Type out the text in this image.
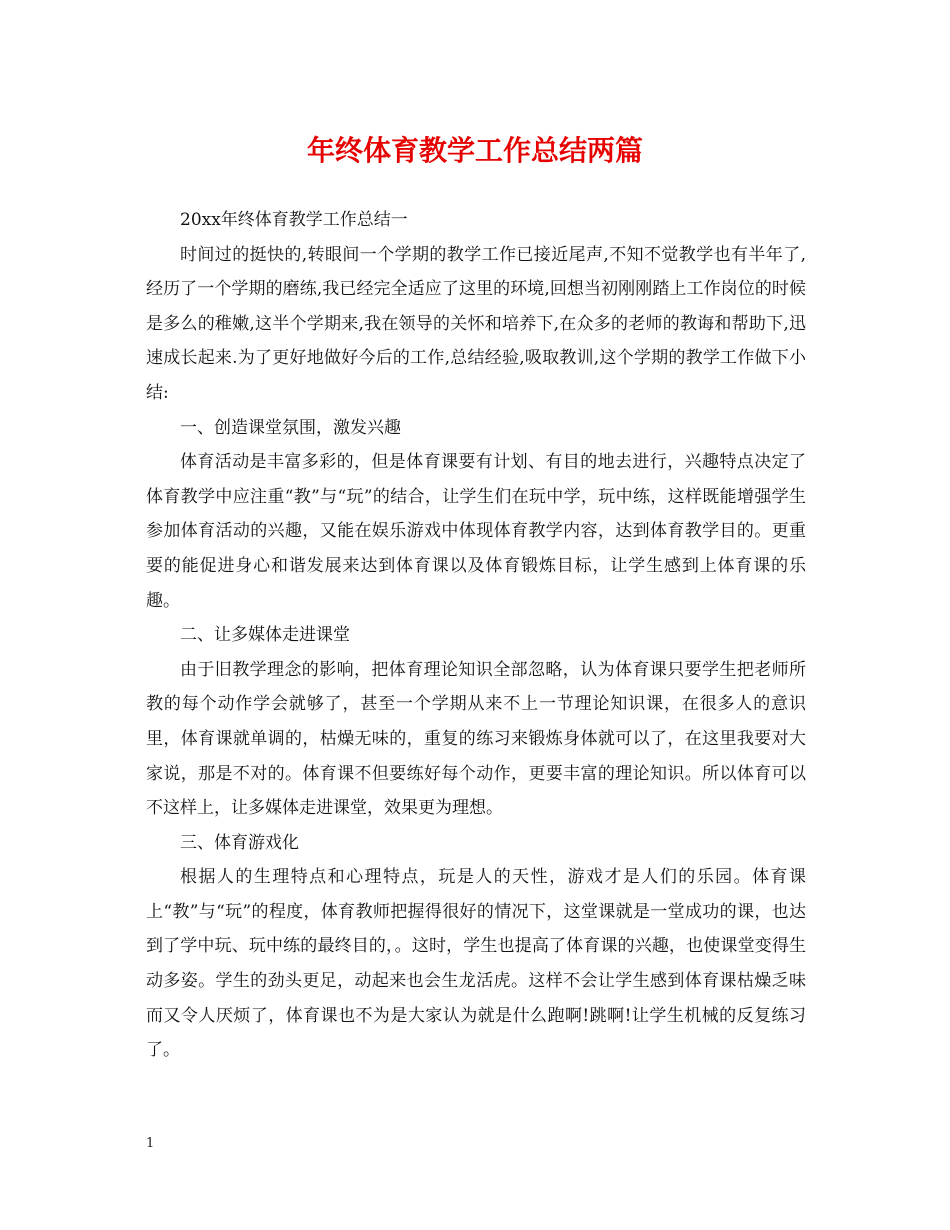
年终体育教学工作总结两篇

20xx年终体育教学工作总结一

时间过的挺快的,转眼间一个学期的教学工作已接近尾声,不知不觉教学也有半年了,经历了一个学期的磨练,我已经完全适应了这里的环境,回想当初刚刚踏上工作岗位的时候是多么的稚嫩,这半个学期来,我在领导的关怀和培养下,在众多的老师的教诲和帮助下,迅速成长起来.为了更好地做好今后的工作,总结经验,吸取教训,这个学期的教学工作做下小结:

一、创造课堂氛围，激发兴趣

体育活动是丰富多彩的，但是体育课要有计划、有目的地去进行，兴趣特点决定了体育教学中应注重“教”与“玩”的结合，让学生们在玩中学，玩中练，这样既能增强学生参加体育活动的兴趣，又能在娱乐游戏中体现体育教学内容，达到体育教学目的。更重要的能促进身心和谐发展来达到体育课以及体育锻炼目标，让学生感到上体育课的乐趣。

二、让多媒体走进课堂

由于旧教学理念的影响，把体育理论知识全部忽略，认为体育课只要学生把老师所教的每个动作学会就够了，甚至一个学期从来不上一节理论知识课，在很多人的意识里，体育课就单调的，枯燥无味的，重复的练习来锻炼身体就可以了，在这里我要对大家说，那是不对的。体育课不但要练好每个动作，更要丰富的理论知识。所以体育可以不这样上，让多媒体走进课堂，效果更为理想。

三、体育游戏化

根据人的生理特点和心理特点，玩是人的天性，游戏才是人们的乐园。体育课上“教”与“玩”的程度，体育教师把握得很好的情况下，这堂课就是一堂成功的课，也达到了学中玩、玩中练的最终目的，。这时，学生也提高了体育课的兴趣，也使课堂变得生动多姿。学生的劲头更足，动起来也会生龙活虎。这样不会让学生感到体育课枯燥乏味而又令人厌烦了，体育课也不为是大家认为就是什么跑啊!跳啊!让学生机械的反复练习了。

1
